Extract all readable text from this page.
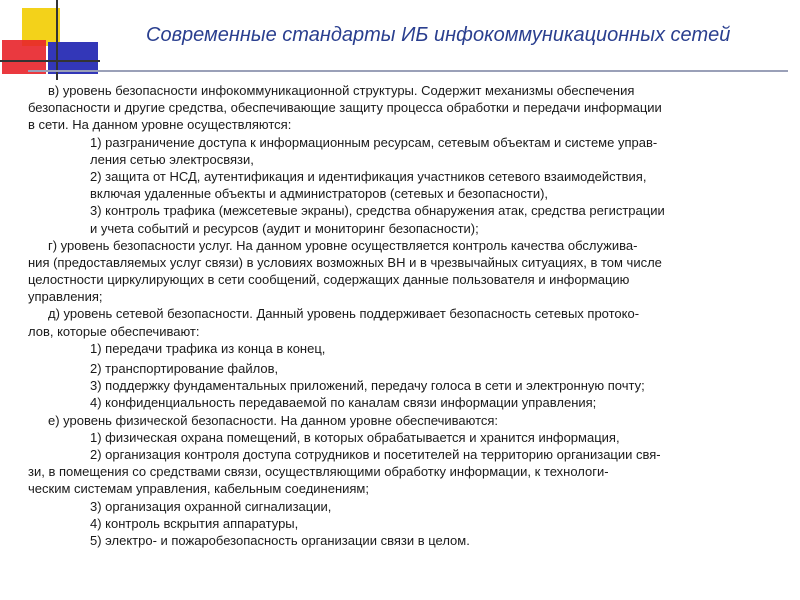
Современные стандарты ИБ инфокоммуникационных сетей
в) уровень безопасности инфокоммуникационной структуры. Содержит механизмы обеспечения
безопасности и другие средства, обеспечивающие защиту процесса обработки и передачи информации
в сети. На данном уровне осуществляются:
1) разграничение доступа к информационным ресурсам, сетевым объектам и системе управ-
ления сетью электросвязи,
2) защита от НСД, аутентификация и идентификация участников сетевого взаимодействия,
включая удаленные объекты и администраторов (сетевых и безопасности),
3) контроль трафика (межсетевые экраны), средства обнаружения атак, средства регистрации
и учета событий и ресурсов (аудит и мониторинг безопасности);
г) уровень безопасности услуг. На данном уровне осуществляется контроль качества обслужива-
ния (предоставляемых услуг связи) в условиях возможных ВН и в чрезвычайных ситуациях, в том числе
целостности циркулирующих в сети сообщений, содержащих данные пользователя и информацию
управления;
д) уровень сетевой безопасности. Данный уровень поддерживает безопасность сетевых протоко-
лов, которые обеспечивают:
1) передачи трафика из конца в конец,
2) транспортирование файлов,
3) поддержку фундаментальных приложений, передачу голоса в сети и электронную почту;
4) конфиденциальность передаваемой по каналам связи информации управления;
е) уровень физической безопасности. На данном уровне обеспечиваются:
1) физическая охрана помещений, в которых обрабатывается и хранится информация,
2) организация контроля доступа сотрудников и посетителей на территорию организации свя-
зи, в помещения со средствами связи, осуществляющими обработку информации, к технологи-
ческим системам управления, кабельным соединениям;
3) организация охранной сигнализации,
4) контроль вскрытия аппаратуры,
5) электро- и пожаробезопасность организации связи в целом.
